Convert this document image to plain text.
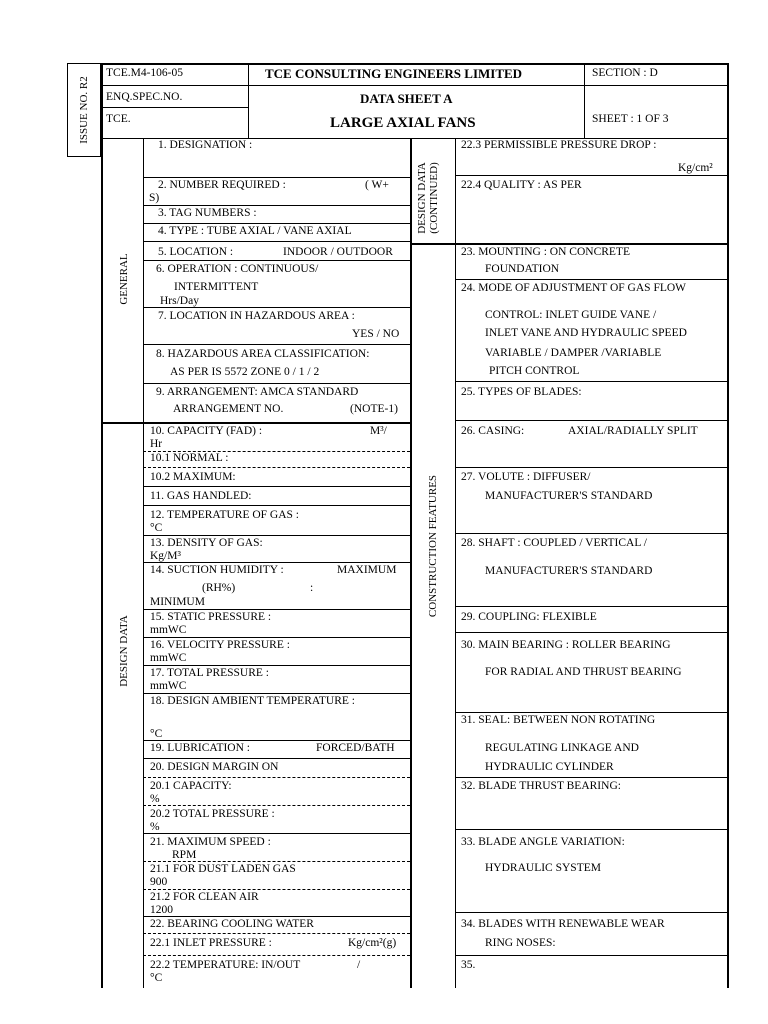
TCE.M4-106-05	TCE CONSULTING ENGINEERS LIMITED	SECTION : D
ENQ.SPEC.NO.	DATA SHEET A
TCE.	LARGE AXIAL FANS	SHEET : 1 OF 3
ISSUE NO. R2
GENERAL
DESIGN DATA
DESIGN DATA (CONTINUED)
CONSTRUCTION FEATURES
1. DESIGNATION :
2. NUMBER REQUIRED :	( W+
S)
3. TAG NUMBERS :
4. TYPE : TUBE AXIAL / VANE AXIAL
5. LOCATION :	INDOOR / OUTDOOR
6. OPERATION : CONTINUOUS/
INTERMITTENT
Hrs/Day
7. LOCATION IN HAZARDOUS AREA :
YES / NO
8. HAZARDOUS AREA CLASSIFICATION:
AS PER IS 5572 ZONE 0 / 1 / 2
9. ARRANGEMENT: AMCA STANDARD
ARRANGEMENT NO.	(NOTE-1)
10. CAPACITY (FAD) :	M³/
Hr
10.1 NORMAL :
10.2 MAXIMUM:
11. GAS HANDLED:
12. TEMPERATURE OF GAS :
°C
13. DENSITY OF GAS:
Kg/M³
14. SUCTION HUMIDITY :	MAXIMUM
(RH%)	:
MINIMUM
15. STATIC PRESSURE :
mmWC
16. VELOCITY PRESSURE :
mmWC
17. TOTAL PRESSURE :
mmWC
18. DESIGN AMBIENT TEMPERATURE :
°C
19. LUBRICATION :	FORCED/BATH
20. DESIGN MARGIN ON
20.1 CAPACITY:
%
20.2 TOTAL PRESSURE :
%
21. MAXIMUM SPEED :
RPM
21.1 FOR DUST LADEN GAS
900
21.2 FOR CLEAN AIR
1200
22. BEARING COOLING WATER
22.1 INLET PRESSURE :	Kg/cm²(g)
22.2 TEMPERATURE: IN/OUT	/
°C
22.3 PERMISSIBLE PRESSURE DROP :
Kg/cm²
22.4 QUALITY : AS PER
23. MOUNTING : ON CONCRETE
FOUNDATION
24. MODE OF ADJUSTMENT OF GAS FLOW
CONTROL: INLET GUIDE VANE /
INLET VANE AND HYDRAULIC SPEED
VARIABLE / DAMPER /VARIABLE
PITCH CONTROL
25. TYPES OF BLADES:
26. CASING:	AXIAL/RADIALLY SPLIT
27. VOLUTE : DIFFUSER/
MANUFACTURER'S STANDARD
28. SHAFT : COUPLED / VERTICAL /
MANUFACTURER'S STANDARD
29. COUPLING: FLEXIBLE
30. MAIN BEARING : ROLLER BEARING
FOR RADIAL AND THRUST BEARING
31. SEAL: BETWEEN NON ROTATING
REGULATING LINKAGE AND
HYDRAULIC CYLINDER
32. BLADE THRUST BEARING:
33. BLADE ANGLE VARIATION:
HYDRAULIC SYSTEM
34. BLADES WITH RENEWABLE WEAR
RING NOSES:
35.
